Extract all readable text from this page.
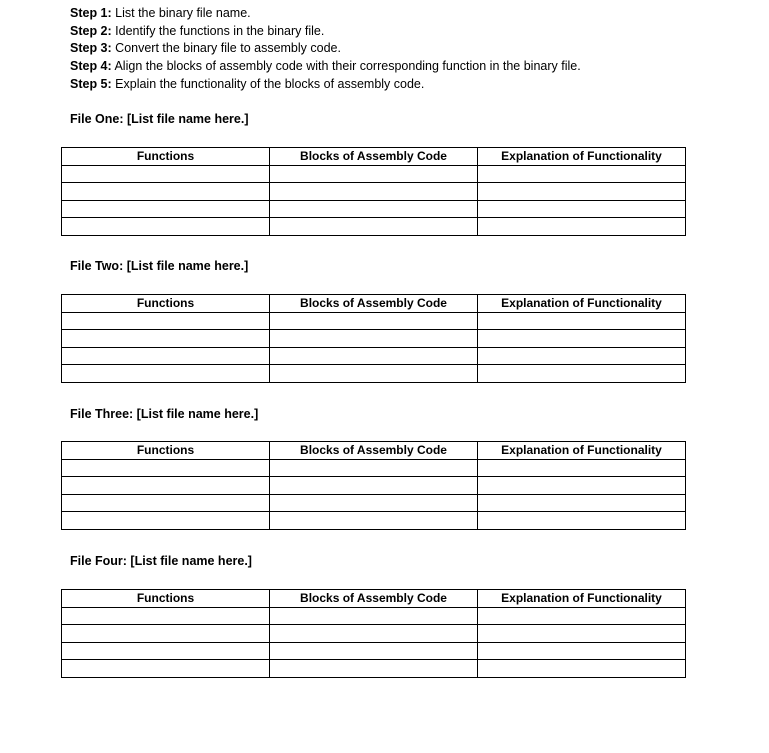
Step 1: List the binary file name.
Step 2: Identify the functions in the binary file.
Step 3: Convert the binary file to assembly code.
Step 4: Align the blocks of assembly code with their corresponding function in the binary file.
Step 5: Explain the functionality of the blocks of assembly code.
File One: [List file name here.]
Functions	Blocks of Assembly Code	Explanation of Functionality

File Two: [List file name here.]
Functions	Blocks of Assembly Code	Explanation of Functionality

File Three: [List file name here.]
Functions	Blocks of Assembly Code	Explanation of Functionality

File Four: [List file name here.]
Functions	Blocks of Assembly Code	Explanation of Functionality
